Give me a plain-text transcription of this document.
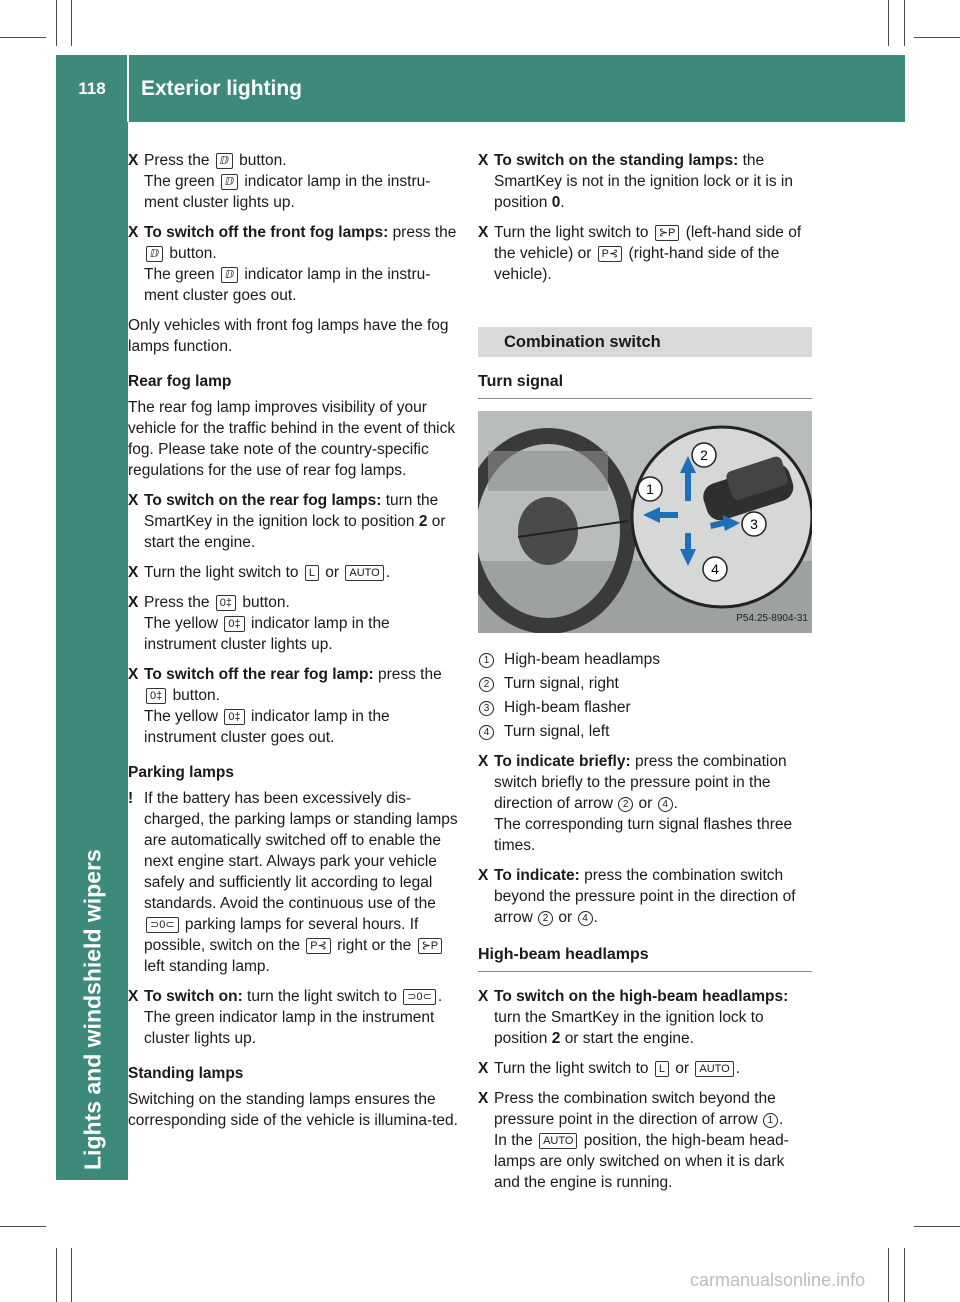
118	Exterior lighting
Lights and windshield wipers
X Press the ⅅ button.
The green ⅅ indicator lamp in the instru-ment cluster lights up.
X To switch off the front fog lamps: press the ⅅ button.
The green ⅅ indicator lamp in the instru-ment cluster goes out.

Only vehicles with front fog lamps have the fog lamps function.

Rear fog lamp

The rear fog lamp improves visibility of your vehicle for the traffic behind in the event of thick fog. Please take note of the country-specific regulations for the use of rear fog lamps.

X To switch on the rear fog lamps: turn the SmartKey in the ignition lock to position 2 or start the engine.
X Turn the light switch to L or AUTO .
X Press the 0‡ button.
The yellow 0‡ indicator lamp in the instrument cluster lights up.
X To switch off the rear fog lamp: press the 0‡ button.
The yellow 0‡ indicator lamp in the instrument cluster goes out.
Parking lamps
! If the battery has been excessively dis-charged, the parking lamps or standing lamps are automatically switched off to enable the next engine start. Always park your vehicle safely and sufficiently lit according to legal standards. Avoid the continuous use of the ⊃0⊂ parking lamps for several hours. If possible, switch on the P⊰ right or the ⊱P left standing lamp.
X To switch on: turn the light switch to ⊃0⊂ .
The green indicator lamp in the instrument cluster lights up.
Standing lamps

Switching on the standing lamps ensures the corresponding side of the vehicle is illumina-ted.

X To switch on the standing lamps: the SmartKey is not in the ignition lock or it is in position 0.
X Turn the light switch to ⊱P (left-hand side of the vehicle) or P⊰ (right-hand side of the vehicle).
Combination switch
Turn signal
1
2
3
4
P54.25-8904-31
1 High-beam headlamps
2 Turn signal, right
3 High-beam flasher
4 Turn signal, left
X To indicate briefly: press the combination switch briefly to the pressure point in the direction of arrow 2 or 4 .
The corresponding turn signal flashes three times.
X To indicate: press the combination switch beyond the pressure point in the direction of arrow 2 or 4 .
High-beam headlamps
X To switch on the high-beam headlamps: turn the SmartKey in the ignition lock to position 2 or start the engine.
X Turn the light switch to L or AUTO .
X Press the combination switch beyond the pressure point in the direction of arrow 1 .
In the AUTO position, the high-beam head-lamps are only switched on when it is dark and the engine is running.
carmanualsonline.info
